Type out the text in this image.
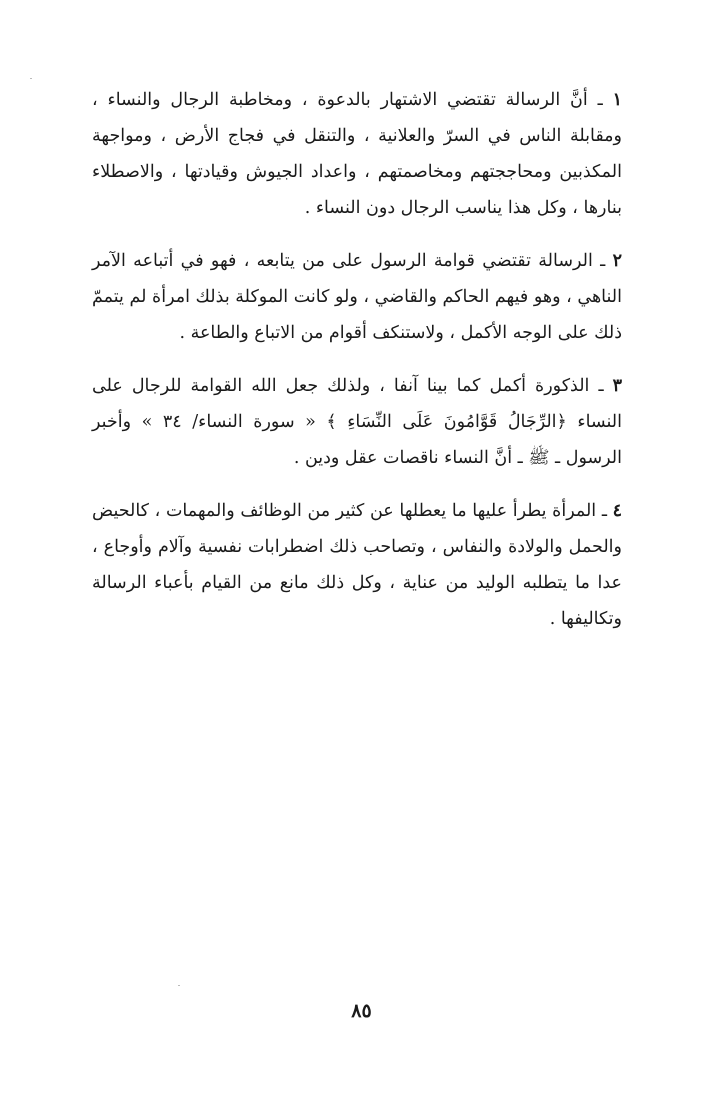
١ ـ أنَّ الرسالة تقتضي الاشتهار بالدعوة ، ومخاطبة الرجال والنساء ، ومقابلة الناس في السرّ والعلانية ، والتنقل في فجاج الأرض ، ومواجهة المكذبين ومحاججتهم ومخاصمتهم ، واعداد الجيوش وقيادتها ، والاصطلاء بنارها ، وكل هذا يناسب الرجال دون النساء .

٢ ـ الرسالة تقتضي قوامة الرسول على من يتابعه ، فهو في أتباعه الآمر الناهي ، وهو فيهم الحاكم والقاضي ، ولو كانت الموكلة بذلك امرأة لم يتممّ ذلك على الوجه الأكمل ، ولاستنكف أقوام من الاتباع والطاعة .

٣ ـ الذكورة أكمل كما بينا آنفا ، ولذلك جعل الله القوامة للرجال على النساء ﴿الرِّجَالُ قَوَّامُونَ عَلَى النِّسَاءِ ﴾ « سورة النساء/ ٣٤ » وأخبر الرسول ـ ﷺ ـ أنَّ النساء ناقصات عقل ودين .

٤ ـ المرأة يطرأ عليها ما يعطلها عن كثير من الوظائف والمهمات ، كالحيض والحمل والولادة والنفاس ، وتصاحب ذلك اضطرابات نفسية وآلام وأوجاع ، عدا ما يتطلبه الوليد من عناية ، وكل ذلك مانع من القيام بأعباء الرسالة وتكاليفها .

٨٥
